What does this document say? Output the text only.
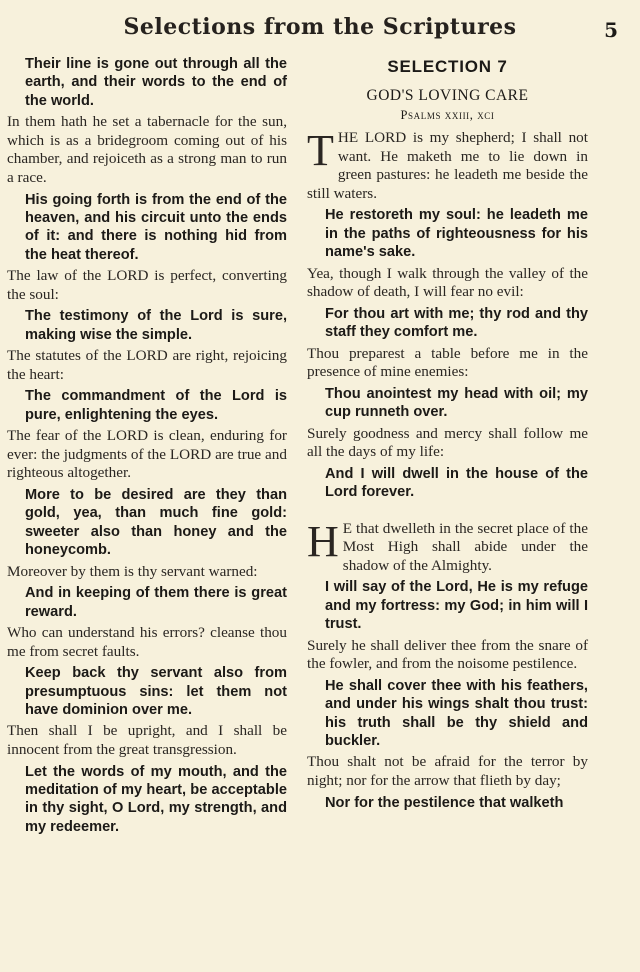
Selections from the Scriptures	5

Their line is gone out through all the earth, and their words to the end of the world.

In them hath he set a tabernacle for the sun, which is as a bridegroom coming out of his chamber, and rejoiceth as a strong man to run a race.

His going forth is from the end of the heaven, and his circuit unto the ends of it: and there is nothing hid from the heat thereof.

The law of the LORD is perfect, converting the soul:

The testimony of the Lord is sure, making wise the simple.

The statutes of the LORD are right, rejoicing the heart:

The commandment of the Lord is pure, enlightening the eyes.

The fear of the LORD is clean, enduring for ever: the judgments of the LORD are true and righteous altogether.

More to be desired are they than gold, yea, than much fine gold: sweeter also than honey and the honeycomb.

Moreover by them is thy servant warned:

And in keeping of them there is great reward.

Who can understand his errors? cleanse thou me from secret faults.

Keep back thy servant also from presumptuous sins: let them not have dominion over me.

Then shall I be upright, and I shall be innocent from the great transgression.

Let the words of my mouth, and the meditation of my heart, be acceptable in thy sight, O Lord, my strength, and my redeemer.

SELECTION 7
GOD'S LOVING CARE
Psalms xxiii, xci

THE LORD is my shepherd; I shall not want. He maketh me to lie down in green pastures: he leadeth me beside the still waters.

He restoreth my soul: he leadeth me in the paths of righteousness for his name's sake.

Yea, though I walk through the valley of the shadow of death, I will fear no evil:

For thou art with me; thy rod and thy staff they comfort me.

Thou preparest a table before me in the presence of mine enemies:

Thou anointest my head with oil; my cup runneth over.

Surely goodness and mercy shall follow me all the days of my life:

And I will dwell in the house of the Lord forever.

H E that dwelleth in the secret place of the Most High shall abide under the shadow of the Almighty.

I will say of the Lord, He is my refuge and my fortress: my God; in him will I trust.

Surely he shall deliver thee from the snare of the fowler, and from the noisome pestilence.

He shall cover thee with his feathers, and under his wings shalt thou trust: his truth shall be thy shield and buckler.

Thou shalt not be afraid for the terror by night; nor for the arrow that flieth by day;

Nor for the pestilence that walketh
